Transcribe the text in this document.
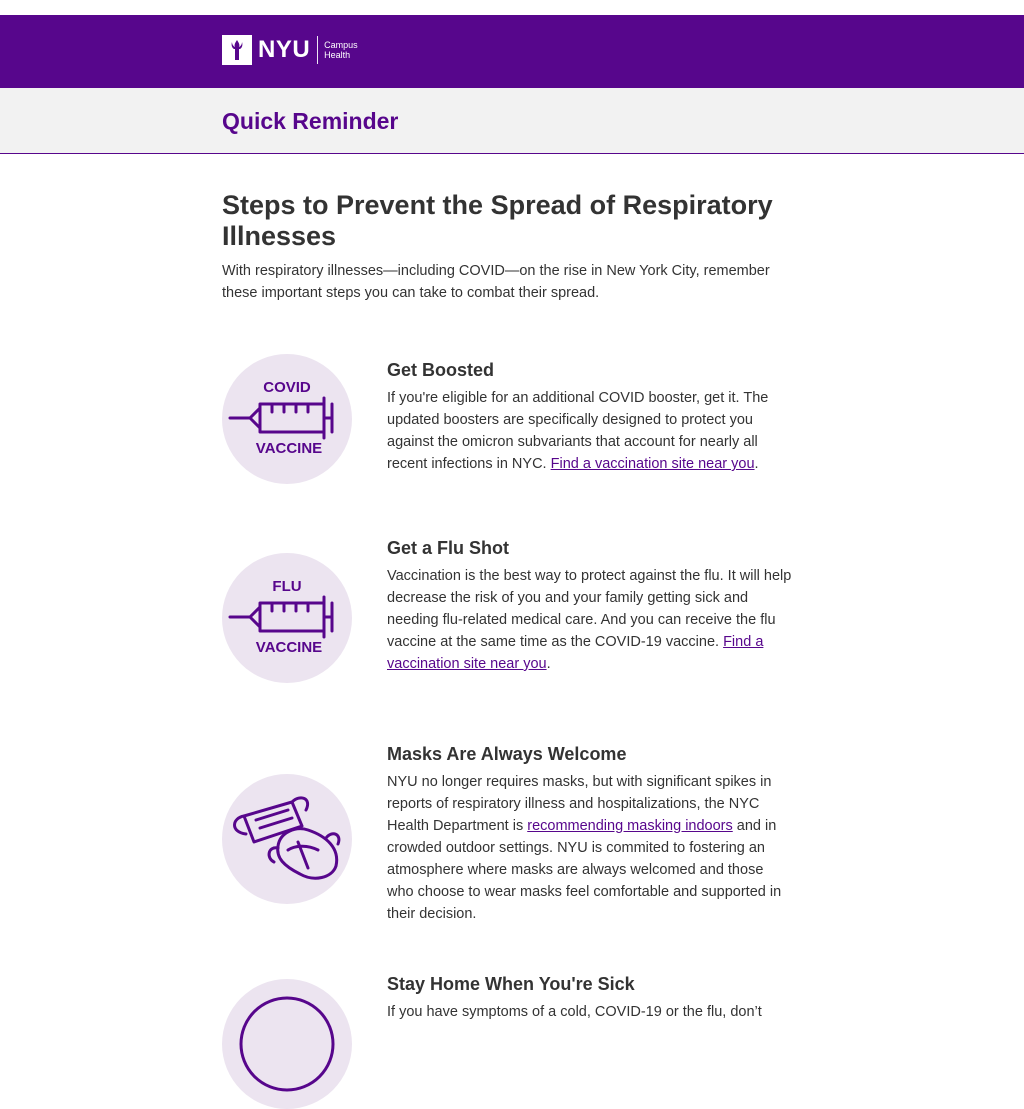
NYU Campus
Health
Quick Reminder
Steps to Prevent the Spread of Respiratory Illnesses

With respiratory illnesses—including COVID—on the rise in New York City, remember these important steps you can take to combat their spread.

COVID
VACCINE
Get Boosted

If you're eligible for an additional COVID booster, get it. The updated boosters are specifically designed to protect you against the omicron subvariants that account for nearly all recent infections in NYC. Find a vaccination site near you.

FLU
VACCINE
Get a Flu Shot

Vaccination is the best way to protect against the flu. It will help decrease the risk of you and your family getting sick and needing flu-related medical care. And you can receive the flu vaccine at the same time as the COVID-19 vaccine. Find a vaccination site near you.

Masks Are Always Welcome

NYU no longer requires masks, but with significant spikes in reports of respiratory illness and hospitalizations, the NYC Health Department is recommending masking indoors and in crowded outdoor settings. NYU is commited to fostering an atmosphere where masks are always welcomed and those who choose to wear masks feel comfortable and supported in their decision.

Stay Home When You're Sick

If you have symptoms of a cold, COVID-19 or the flu, don’t
